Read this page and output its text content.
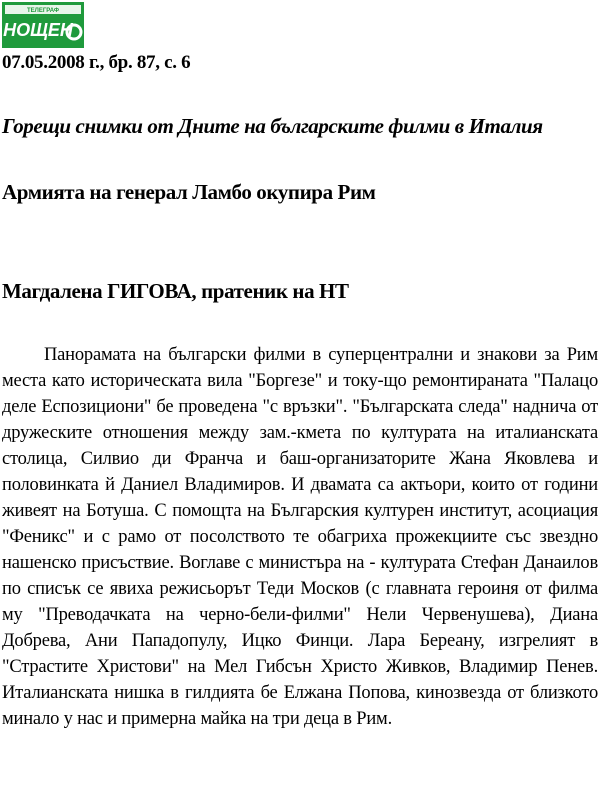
ТЕЛЕГРАФ
НОЩЕН
07.05.2008 г., бр. 87, с. 6
Горещи снимки от Дните на българските филми в Италия
Армията на генерал Ламбо окупира Рим
Магдалена ГИГОВА, пратеник на НТ

Панорамата на български филми в суперцентрални и знакови за Рим места като историческата вила "Боргезе" и току-що ремонтираната "Палацо деле Еспозициони" бе проведена "с връзки". "Българската следа" надничa от дружеските отношения между зам.-кмета по културата на италианската столица, Силвио ди Франча и баш-организаторите Жана Яковлева и половинката й Даниел Владимиров. И двамата са актьори, които от години живеят на Ботуша. С помощта на Българския културен институт, асоциация "Феникс" и с рамо от посолството те обагриха прожекциите със звездно нашенско присъствие. Воглаве с министъра на - културата Стефан Данаилов по списък се явиха режисьорът Теди Москов (с главната героиня от филма му "Преводачката на черно-бели-филми" Нели Червенушева), Диана Добрева, Ани Пападопулу, Ицко Финци. Лара Береану, изгрелият в "Страстите Христови" на Мел Гибсън Христо Живков, Владимир Пенев. Италианската нишка в гилдията бе Елжана Попова, кинозвезда от близкото минало у нас и примерна майка на три деца в Рим.
